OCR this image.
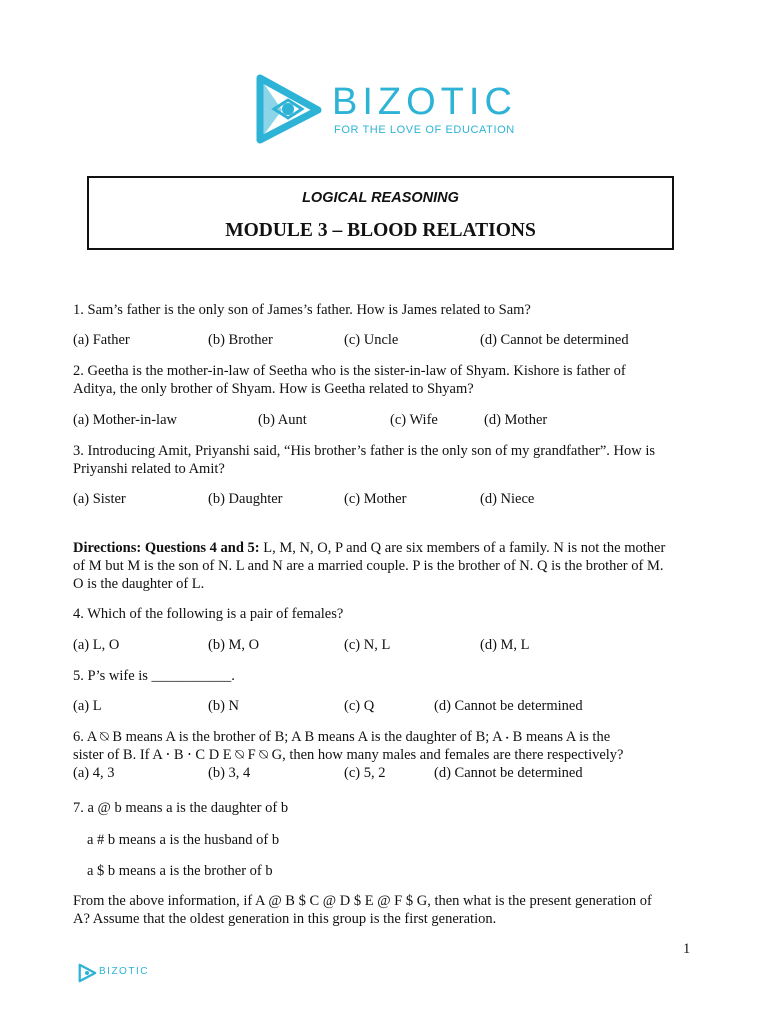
BIZOTIC
FOR THE LOVE OF EDUCATION
LOGICAL REASONING
MODULE 3 – BLOOD RELATIONS
1. Sam’s father is the only son of James’s father. How is James related to Sam?
(a) Father	(b) Brother	(c) Uncle	(d) Cannot be determined
2. Geetha is the mother-in-law of Seetha who is the sister-in-law of Shyam. Kishore is father of
Aditya, the only brother of Shyam. How is Geetha related to Shyam?
(a) Mother-in-law	(b) Aunt	(c) Wife	(d) Mother
3. Introducing Amit, Priyanshi said, “His brother’s father is the only son of my grandfather”. How is
Priyanshi related to Amit?
(a) Sister	(b) Daughter	(c) Mother	(d) Niece
Directions: Questions 4 and 5: L, M, N, O, P and Q are six members of a family. N is not the mother
of M but M is the son of N. L and N are a married couple. P is the brother of N. Q is the brother of M.
O is the daughter of L.
4. Which of the following is a pair of females?
(a) L, O	(b) M, O	(c) N, L	(d) M, L
5. P’s wife is ___________.
(a) L	(b) N	(c) Q	(d) Cannot be determined
6. A ⍉ B means A is the brother of B; A B means A is the daughter of B; A ⋅ B means A is the
sister of B. If A ⋅ B ⋅ C D E ⍉ F ⍉ G, then how many males and females are there respectively?
(a) 4, 3	(b) 3, 4	(c) 5, 2	(d) Cannot be determined
7. a @ b means a is the daughter of b
a # b means a is the husband of b
a $ b means a is the brother of b
From the above information, if A @ B $ C @ D $ E @ F $ G, then what is the present generation of
A? Assume that the oldest generation in this group is the first generation.
1
BIZOTIC
